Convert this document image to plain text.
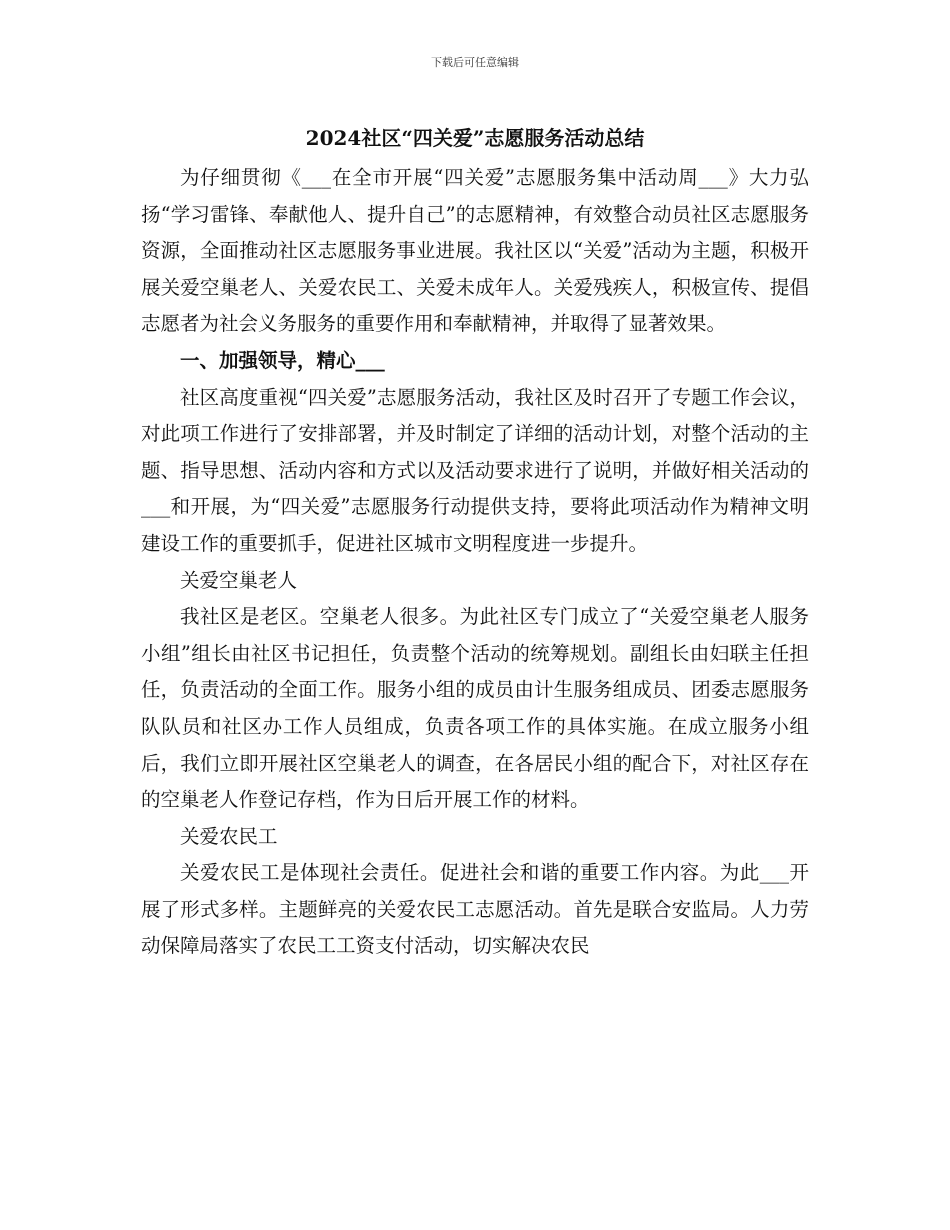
下载后可任意编辑
2024社区“四关爱”志愿服务活动总结

为仔细贯彻《___在全市开展“四关爱”志愿服务集中活动周___》大力弘扬“学习雷锋、奉献他人、提升自己”的志愿精神，有效整合动员社区志愿服务资源，全面推动社区志愿服务事业进展。我社区以“关爱”活动为主题，积极开展关爱空巢老人、关爱农民工、关爱未成年人。关爱残疾人，积极宣传、提倡志愿者为社会义务服务的重要作用和奉献精神，并取得了显著效果。

一、加强领导，精心___

社区高度重视“四关爱”志愿服务活动，我社区及时召开了专题工作会议，对此项工作进行了安排部署，并及时制定了详细的活动计划，对整个活动的主题、指导思想、活动内容和方式以及活动要求进行了说明，并做好相关活动的___和开展，为“四关爱”志愿服务行动提供支持，要将此项活动作为精神文明建设工作的重要抓手，促进社区城市文明程度进一步提升。

关爱空巢老人

我社区是老区。空巢老人很多。为此社区专门成立了“关爱空巢老人服务小组”组长由社区书记担任，负责整个活动的统筹规划。副组长由妇联主任担任，负责活动的全面工作。服务小组的成员由计生服务组成员、团委志愿服务队队员和社区办工作人员组成，负责各项工作的具体实施。在成立服务小组后，我们立即开展社区空巢老人的调查，在各居民小组的配合下，对社区存在的空巢老人作登记存档，作为日后开展工作的材料。

关爱农民工

关爱农民工是体现社会责任。促进社会和谐的重要工作内容。为此___开展了形式多样。主题鲜亮的关爱农民工志愿活动。首先是联合安监局。人力劳动保障局落实了农民工工资支付活动，切实解决农民
